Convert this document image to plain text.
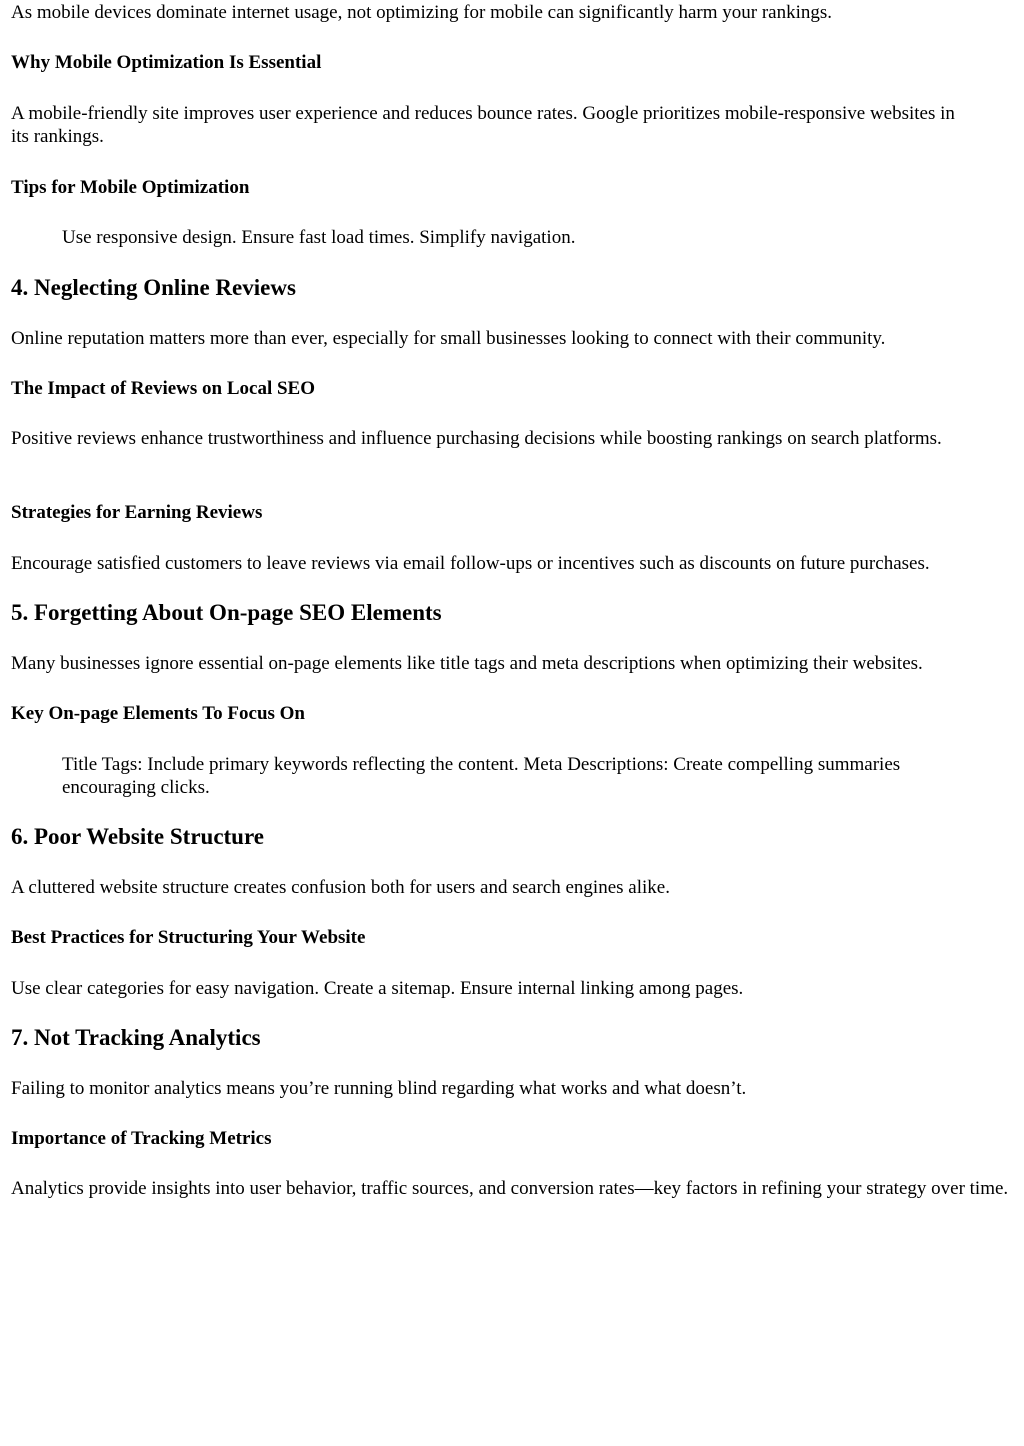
As mobile devices dominate internet usage, not optimizing for mobile can significantly harm your rankings.

Why Mobile Optimization Is Essential

A mobile-friendly site improves user experience and reduces bounce rates. Google prioritizes mobile-responsive websites in its rankings.

Tips for Mobile Optimization
Use responsive design. Ensure fast load times. Simplify navigation.
4. Neglecting Online Reviews

Online reputation matters more than ever, especially for small businesses looking to connect with their community.

The Impact of Reviews on Local SEO

Positive reviews enhance trustworthiness and influence purchasing decisions while boosting rankings on search platforms.

Strategies for Earning Reviews

Encourage satisfied customers to leave reviews via email follow-ups or incentives such as discounts on future purchases.

5. Forgetting About On-page SEO Elements

Many businesses ignore essential on-page elements like title tags and meta descriptions when optimizing their websites.

Key On-page Elements To Focus On
Title Tags: Include primary keywords reflecting the content. Meta Descriptions: Create compelling summaries encouraging clicks.
6. Poor Website Structure

A cluttered website structure creates confusion both for users and search engines alike.

Best Practices for Structuring Your Website

Use clear categories for easy navigation. Create a sitemap. Ensure internal linking among pages.

7. Not Tracking Analytics

Failing to monitor analytics means you’re running blind regarding what works and what doesn’t.

Importance of Tracking Metrics

Analytics provide insights into user behavior, traffic sources, and conversion rates—key factors in refining your strategy over time.
